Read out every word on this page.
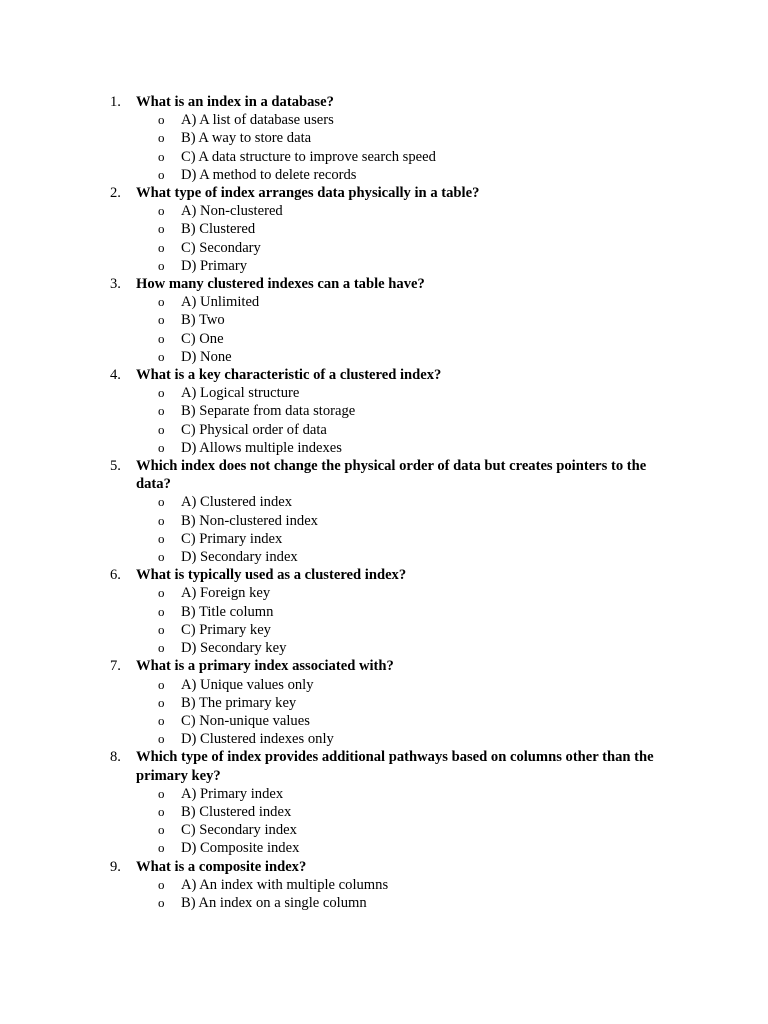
1. What is an index in a database?
o A) A list of database users
o B) A way to store data
o C) A data structure to improve search speed
o D) A method to delete records
2. What type of index arranges data physically in a table?
o A) Non-clustered
o B) Clustered
o C) Secondary
o D) Primary
3. How many clustered indexes can a table have?
o A) Unlimited
o B) Two
o C) One
o D) None
4. What is a key characteristic of a clustered index?
o A) Logical structure
o B) Separate from data storage
o C) Physical order of data
o D) Allows multiple indexes
5. Which index does not change the physical order of data but creates pointers to the data?
o A) Clustered index
o B) Non-clustered index
o C) Primary index
o D) Secondary index
6. What is typically used as a clustered index?
o A) Foreign key
o B) Title column
o C) Primary key
o D) Secondary key
7. What is a primary index associated with?
o A) Unique values only
o B) The primary key
o C) Non-unique values
o D) Clustered indexes only
8. Which type of index provides additional pathways based on columns other than the primary key?
o A) Primary index
o B) Clustered index
o C) Secondary index
o D) Composite index
9. What is a composite index?
o A) An index with multiple columns
o B) An index on a single column
